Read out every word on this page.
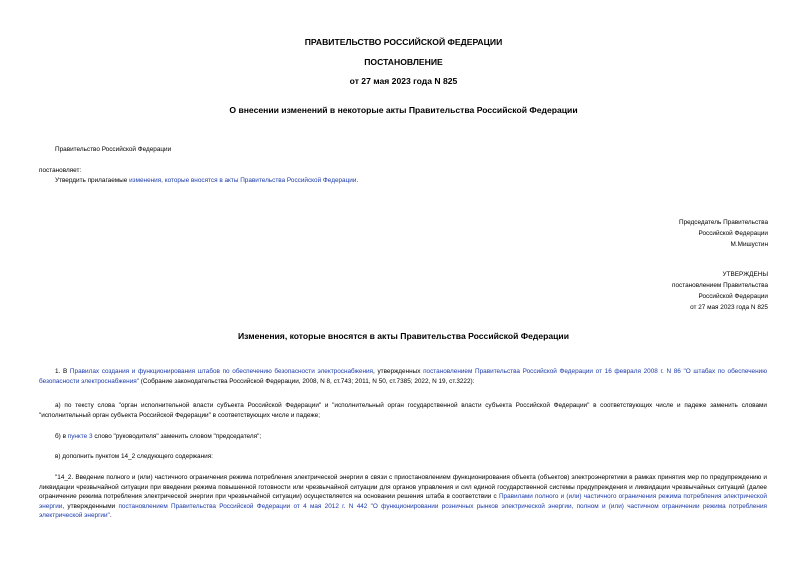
ПРАВИТЕЛЬСТВО РОССИЙСКОЙ ФЕДЕРАЦИИ
ПОСТАНОВЛЕНИЕ
от 27 мая 2023 года N 825
О внесении изменений в некоторые акты Правительства Российской Федерации
Правительство Российской Федерации
постановляет:
Утвердить прилагаемые изменения, которые вносятся в акты Правительства Российской Федерации.
Председатель Правительства
Российской Федерации
М.Мишустин
УТВЕРЖДЕНЫ
постановлением Правительства
Российской Федерации
от 27 мая 2023 года N 825
Изменения, которые вносятся в акты Правительства Российской Федерации
1. В Правилах создания и функционирования штабов по обеспечению безопасности электроснабжения, утвержденных постановлением Правительства Российской Федерации от 16 февраля 2008 г. N 86 "О штабах по обеспечению безопасности электроснабжения" (Собрание законодательства Российской Федерации, 2008, N 8, ст.743; 2011, N 50, ст.7385; 2022, N 19, ст.3222):
а) по тексту слова "орган исполнительной власти субъекта Российской Федерации" и "исполнительный орган государственной власти субъекта Российской Федерации" в соответствующих числе и падеже заменить словами "исполнительный орган субъекта Российской Федерации" в соответствующих числе и падеже;
б) в пункте 3 слово "руководителя" заменить словом "председателя";
в) дополнить пунктом 14_2 следующего содержания:
"14_2. Введение полного и (или) частичного ограничения режима потребления электрической энергии в связи с приостановлением функционирования объекта (объектов) электроэнергетики в рамках принятия мер по предупреждению и ликвидации чрезвычайной ситуации при введении режима повышенной готовности или чрезвычайной ситуации для органов управления и сил единой государственной системы предупреждения и ликвидации чрезвычайных ситуаций (далее ограничение режима потребления электрической энергии при чрезвычайной ситуации) осуществляется на основании решения штаба в соответствии с Правилами полного и (или) частичного ограничения режима потребления электрической энергии, утвержденными постановлением Правительства Российской Федерации от 4 мая 2012 г. N 442 "О функционировании розничных рынков электрической энергии, полном и (или) частичном ограничении режима потребления электрической энергии".
